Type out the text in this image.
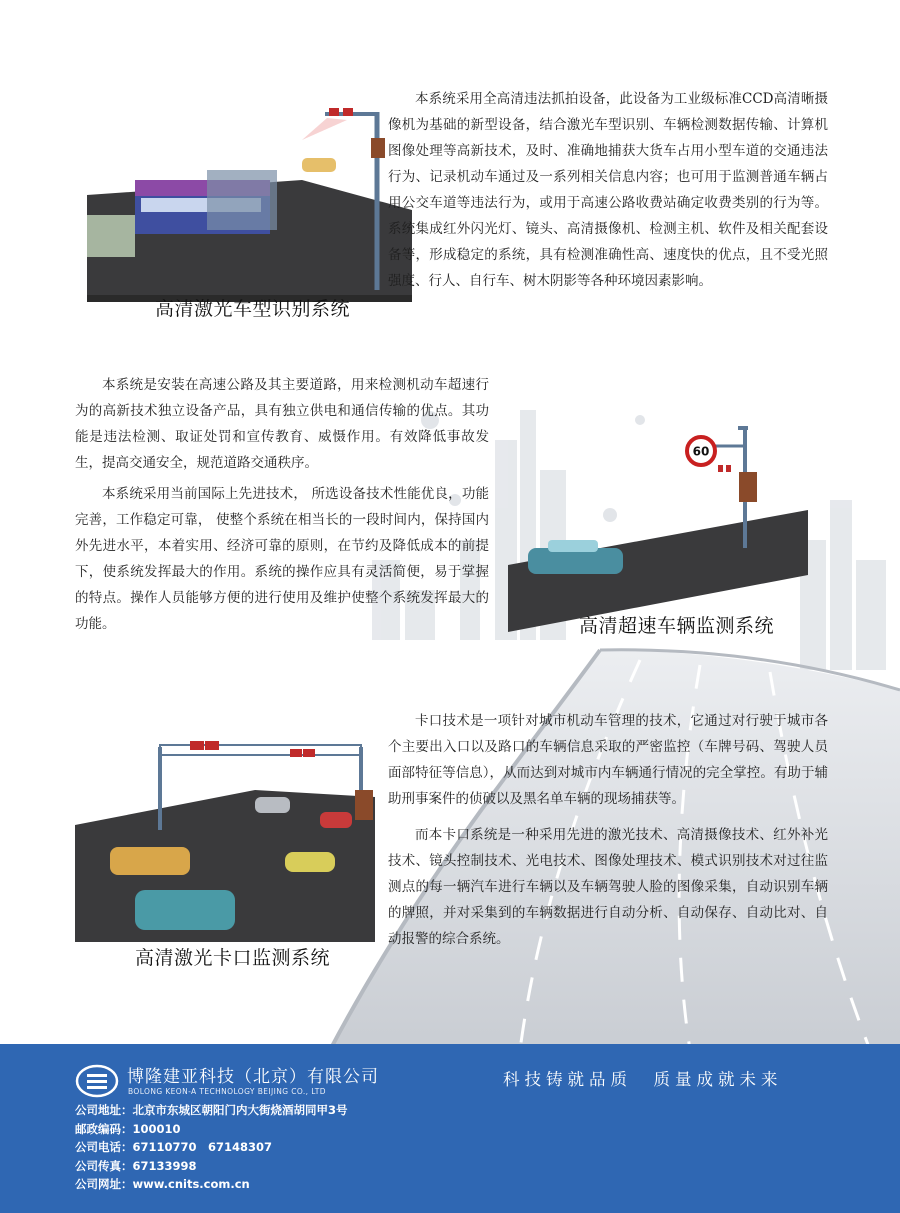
高清激光车型识别系统

本系统采用全高清违法抓拍设备，此设备为工业级标准CCD高清晰摄像机为基础的新型设备，结合激光车型识别、车辆检测数据传输、计算机图像处理等高新技术，及时、准确地捕获大货车占用小型车道的交通违法行为、记录机动车通过及一系列相关信息内容；也可用于监测普通车辆占用公交车道等违法行为，或用于高速公路收费站确定收费类别的行为等。系统集成红外闪光灯、镜头、高清摄像机、检测主机、软件及相关配套设备等，形成稳定的系统，具有检测准确性高、速度快的优点，且不受光照强度、行人、自行车、树木阴影等各种环境因素影响。

本系统是安装在高速公路及其主要道路，用来检测机动车超速行为的高新技术独立设备产品，具有独立供电和通信传输的优点。其功能是违法检测、取证处罚和宣传教育、威慑作用。有效降低事故发生，提高交通安全，规范道路交通秩序。

本系统采用当前国际上先进技术， 所选设备技术性能优良，功能完善，工作稳定可靠， 使整个系统在相当长的一段时间内，保持国内外先进水平，本着实用、经济可靠的原则，在节约及降低成本的前提下，使系统发挥最大的作用。系统的操作应具有灵活简便，易于掌握的特点。操作人员能够方便的进行使用及维护使整个系统发挥最大的功能。

60
高清超速车辆监测系统

卡口技术是一项针对城市机动车管理的技术，它通过对行驶于城市各个主要出入口以及路口的车辆信息采取的严密监控（车牌号码、驾驶人员面部特征等信息），从而达到对城市内车辆通行情况的完全掌控。有助于辅助刑事案件的侦破以及黑名单车辆的现场捕获等。

而本卡口系统是一种采用先进的激光技术、高清摄像技术、红外补光技术、镜头控制技术、光电技术、图像处理技术、模式识别技术对过往监测点的每一辆汽车进行车辆以及车辆驾驶人脸的图像采集，自动识别车辆的牌照，并对采集到的车辆数据进行自动分析、自动保存、自动比对、自动报警的综合系统。

高清激光卡口监测系统
博隆建亚科技（北京）有限公司
BOLONG KEON-A TECHNOLOGY BEIJING CO., LTD
科技铸就品质　质量成就未来
公司地址：北京市东城区朝阳门内大街烧酒胡同甲3号
邮政编码：100010
公司电话：67110770　67148307
公司传真：67133998
公司网址：www.cnits.com.cn
